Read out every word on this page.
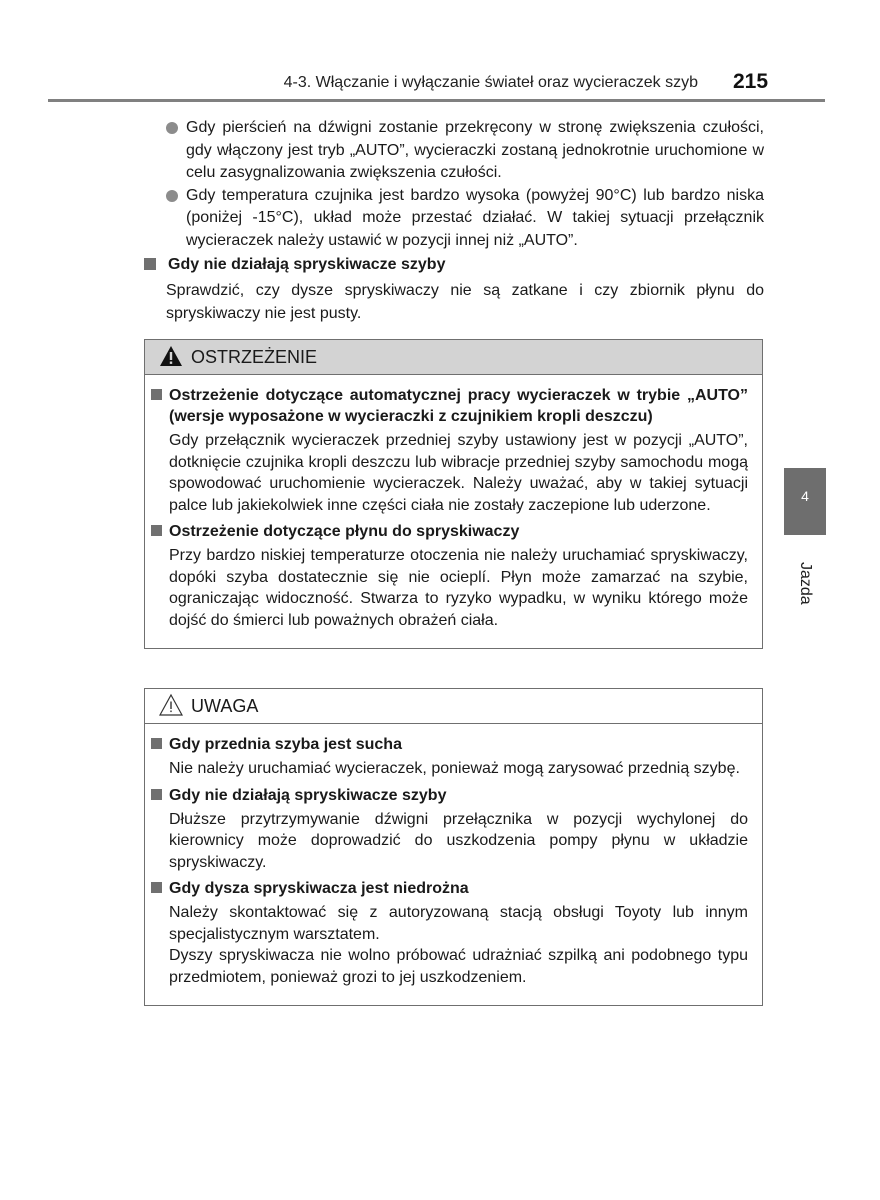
4-3. Włączanie i wyłączanie świateł oraz wycieraczek szyb 215
Gdy pierścień na dźwigni zostanie przekręcony w stronę zwiększenia czułości, gdy włączony jest tryb „AUTO”, wycieraczki zostaną jednokrotnie uruchomione w celu zasygnalizowania zwiększenia czułości.
Gdy temperatura czujnika jest bardzo wysoka (powyżej 90°C) lub bardzo niska (poniżej -15°C), układ może przestać działać. W takiej sytuacji przełącznik wycieraczek należy ustawić w pozycji innej niż „AUTO”.
Gdy nie działają spryskiwacze szyby
Sprawdzić, czy dysze spryskiwaczy nie są zatkane i czy zbiornik płynu do spryskiwaczy nie jest pusty.
OSTRZEŻENIE
Ostrzeżenie dotyczące automatycznej pracy wycieraczek w trybie „AUTO” (wersje wyposażone w wycieraczki z czujnikiem kropli deszczu)
Gdy przełącznik wycieraczek przedniej szyby ustawiony jest w pozycji „AUTO”, dotknięcie czujnika kropli deszczu lub wibracje przedniej szyby samochodu mogą spowodować uruchomienie wycieraczek. Należy uważać, aby w takiej sytuacji palce lub jakiekolwiek inne części ciała nie zostały zaczepione lub uderzone.
Ostrzeżenie dotyczące płynu do spryskiwaczy
Przy bardzo niskiej temperaturze otoczenia nie należy uruchamiać spryskiwaczy, dopóki szyba dostatecznie się nie ocieplí. Płyn może zamarzać na szybie, ograniczając widoczność. Stwarza to ryzyko wypadku, w wyniku którego może dojść do śmierci lub poważnych obrażeń ciała.
UWAGA
Gdy przednia szyba jest sucha
Nie należy uruchamiać wycieraczek, ponieważ mogą zarysować przednią szybę.
Gdy nie działają spryskiwacze szyby
Dłuższe przytrzymywanie dźwigni przełącznika w pozycji wychylonej do kierownicy może doprowadzić do uszkodzenia pompy płynu w układzie spryskiwaczy.
Gdy dysza spryskiwacza jest niedrożna
Należy skontaktować się z autoryzowaną stacją obsługi Toyoty lub innym specjalistycznym warsztatem.
Dyszy spryskiwacza nie wolno próbować udrażniać szpilką ani podobnego typu przedmiotem, ponieważ grozi to jej uszkodzeniem.
4
Jazda
